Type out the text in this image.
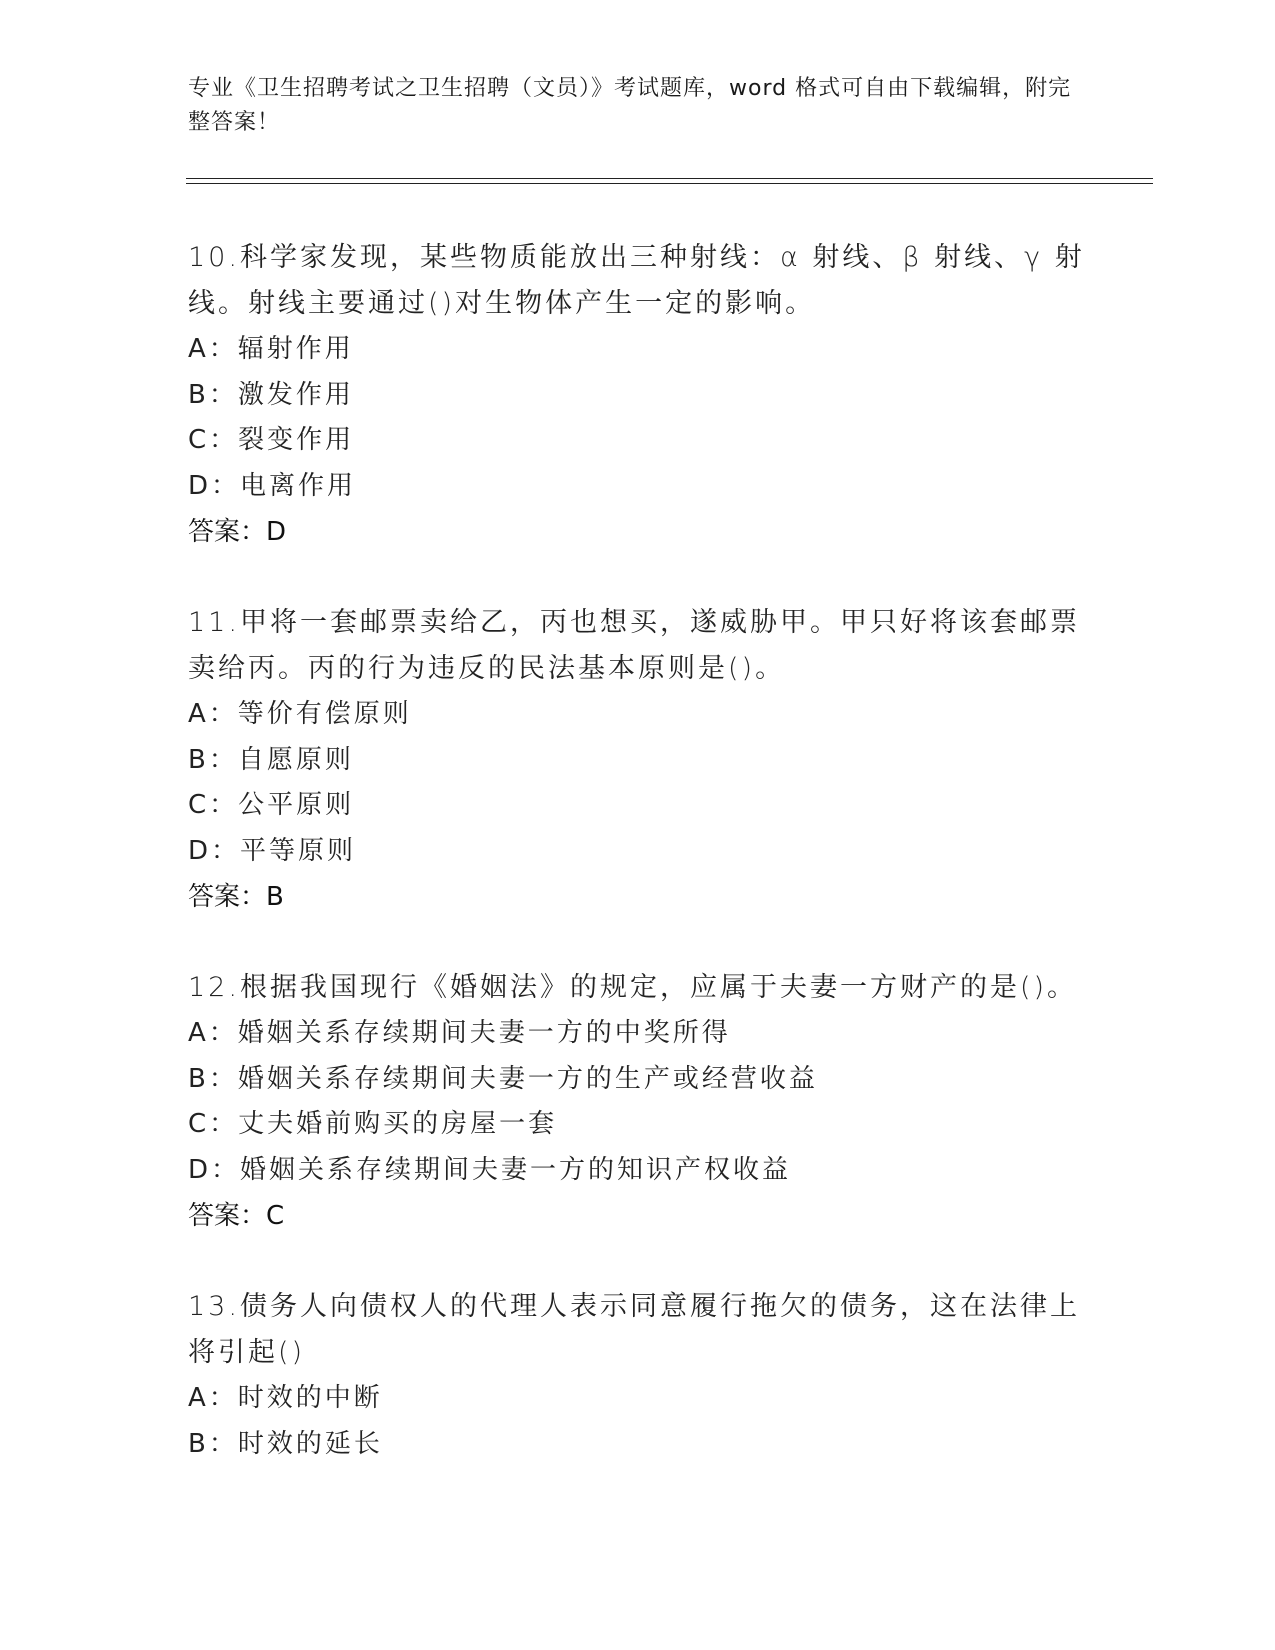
专业《卫生招聘考试之卫生招聘（文员）》考试题库，word 格式可自由下载编辑，附完整答案！
10.科学家发现，某些物质能放出三种射线：α 射线、β 射线、γ 射线。射线主要通过()对生物体产生一定的影响。
A：辐射作用
B：激发作用
C：裂变作用
D：电离作用
答案：D
11.甲将一套邮票卖给乙，丙也想买，遂威胁甲。甲只好将该套邮票卖给丙。丙的行为违反的民法基本原则是()。
A：等价有偿原则
B：自愿原则
C：公平原则
D：平等原则
答案：B
12.根据我国现行《婚姻法》的规定，应属于夫妻一方财产的是()。
A：婚姻关系存续期间夫妻一方的中奖所得
B：婚姻关系存续期间夫妻一方的生产或经营收益
C：丈夫婚前购买的房屋一套
D：婚姻关系存续期间夫妻一方的知识产权收益
答案：C
13.债务人向债权人的代理人表示同意履行拖欠的债务，这在法律上将引起()
A：时效的中断
B：时效的延长
